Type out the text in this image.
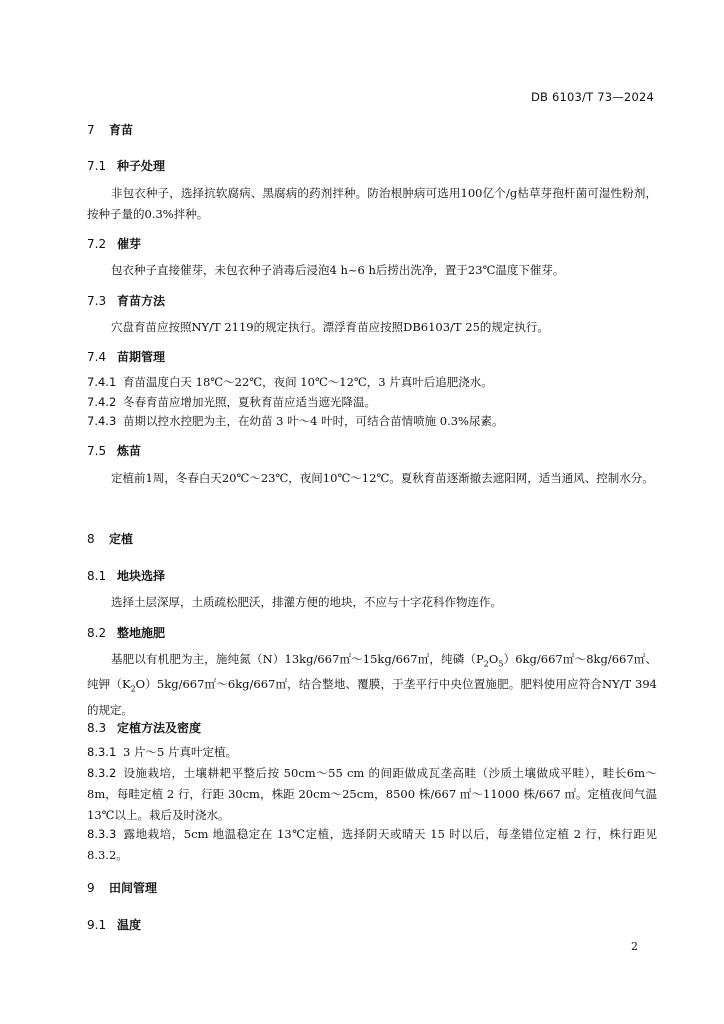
DB 6103/T 73—2024
7 育苗
7.1 种子处理
非包衣种子，选择抗软腐病、黑腐病的药剂拌种。防治根肿病可选用100亿个/g枯草芽孢杆菌可湿性粉剂，按种子量的0.3%拌种。
7.2 催芽
包衣种子直接催芽，未包衣种子消毒后浸泡4 h~6 h后捞出洗净，置于23℃温度下催芽。
7.3 育苗方法
穴盘育苗应按照NY/T 2119的规定执行。漂浮育苗应按照DB6103/T 25的规定执行。
7.4 苗期管理
7.4.1 育苗温度白天 18℃～22℃，夜间 10℃～12℃，3 片真叶后追肥浇水。
7.4.2 冬春育苗应增加光照，夏秋育苗应适当遮光降温。
7.4.3 苗期以控水控肥为主，在幼苗 3 叶～4 叶时，可结合苗情喷施 0.3%尿素。
7.5 炼苗
定植前1周，冬春白天20℃～23℃，夜间10℃～12℃。夏秋育苗逐渐撤去遮阳网，适当通风、控制水分。
8 定植
8.1 地块选择
选择土层深厚，土质疏松肥沃，排灌方便的地块，不应与十字花科作物连作。
8.2 整地施肥
基肥以有机肥为主，施纯氮（N）13kg/667㎡～15kg/667㎡，纯磷$(P_2O_5)6kg/667㎡\sim 8kg/667㎡$、纯钾$(K_2O)5kg/667㎡\sim 6kg/667㎡$，结合整地、覆膜，于垄平行中央位置施肥。肥料使用应符合NY/T 394的规定。
8.3 定植方法及密度
8.3.1 3 片～5 片真叶定植。
8.3.2 设施栽培，土壤耕耙平整后按 50cm～55 cm 的间距做成瓦垄高畦（沙质土壤做成平畦），畦长6m～8m，每畦定植 2 行，行距 30cm，株距 20cm～25cm，8500 株/667 ㎡～11000 株/667 ㎡。定植夜间气温 13℃以上。栽后及时浇水。
8.3.3 露地栽培，5cm 地温稳定在 13℃定植，选择阴天或晴天 15 时以后，每垄错位定植 2 行，株行距见 8.3.2。
9 田间管理
9.1 温度
2
